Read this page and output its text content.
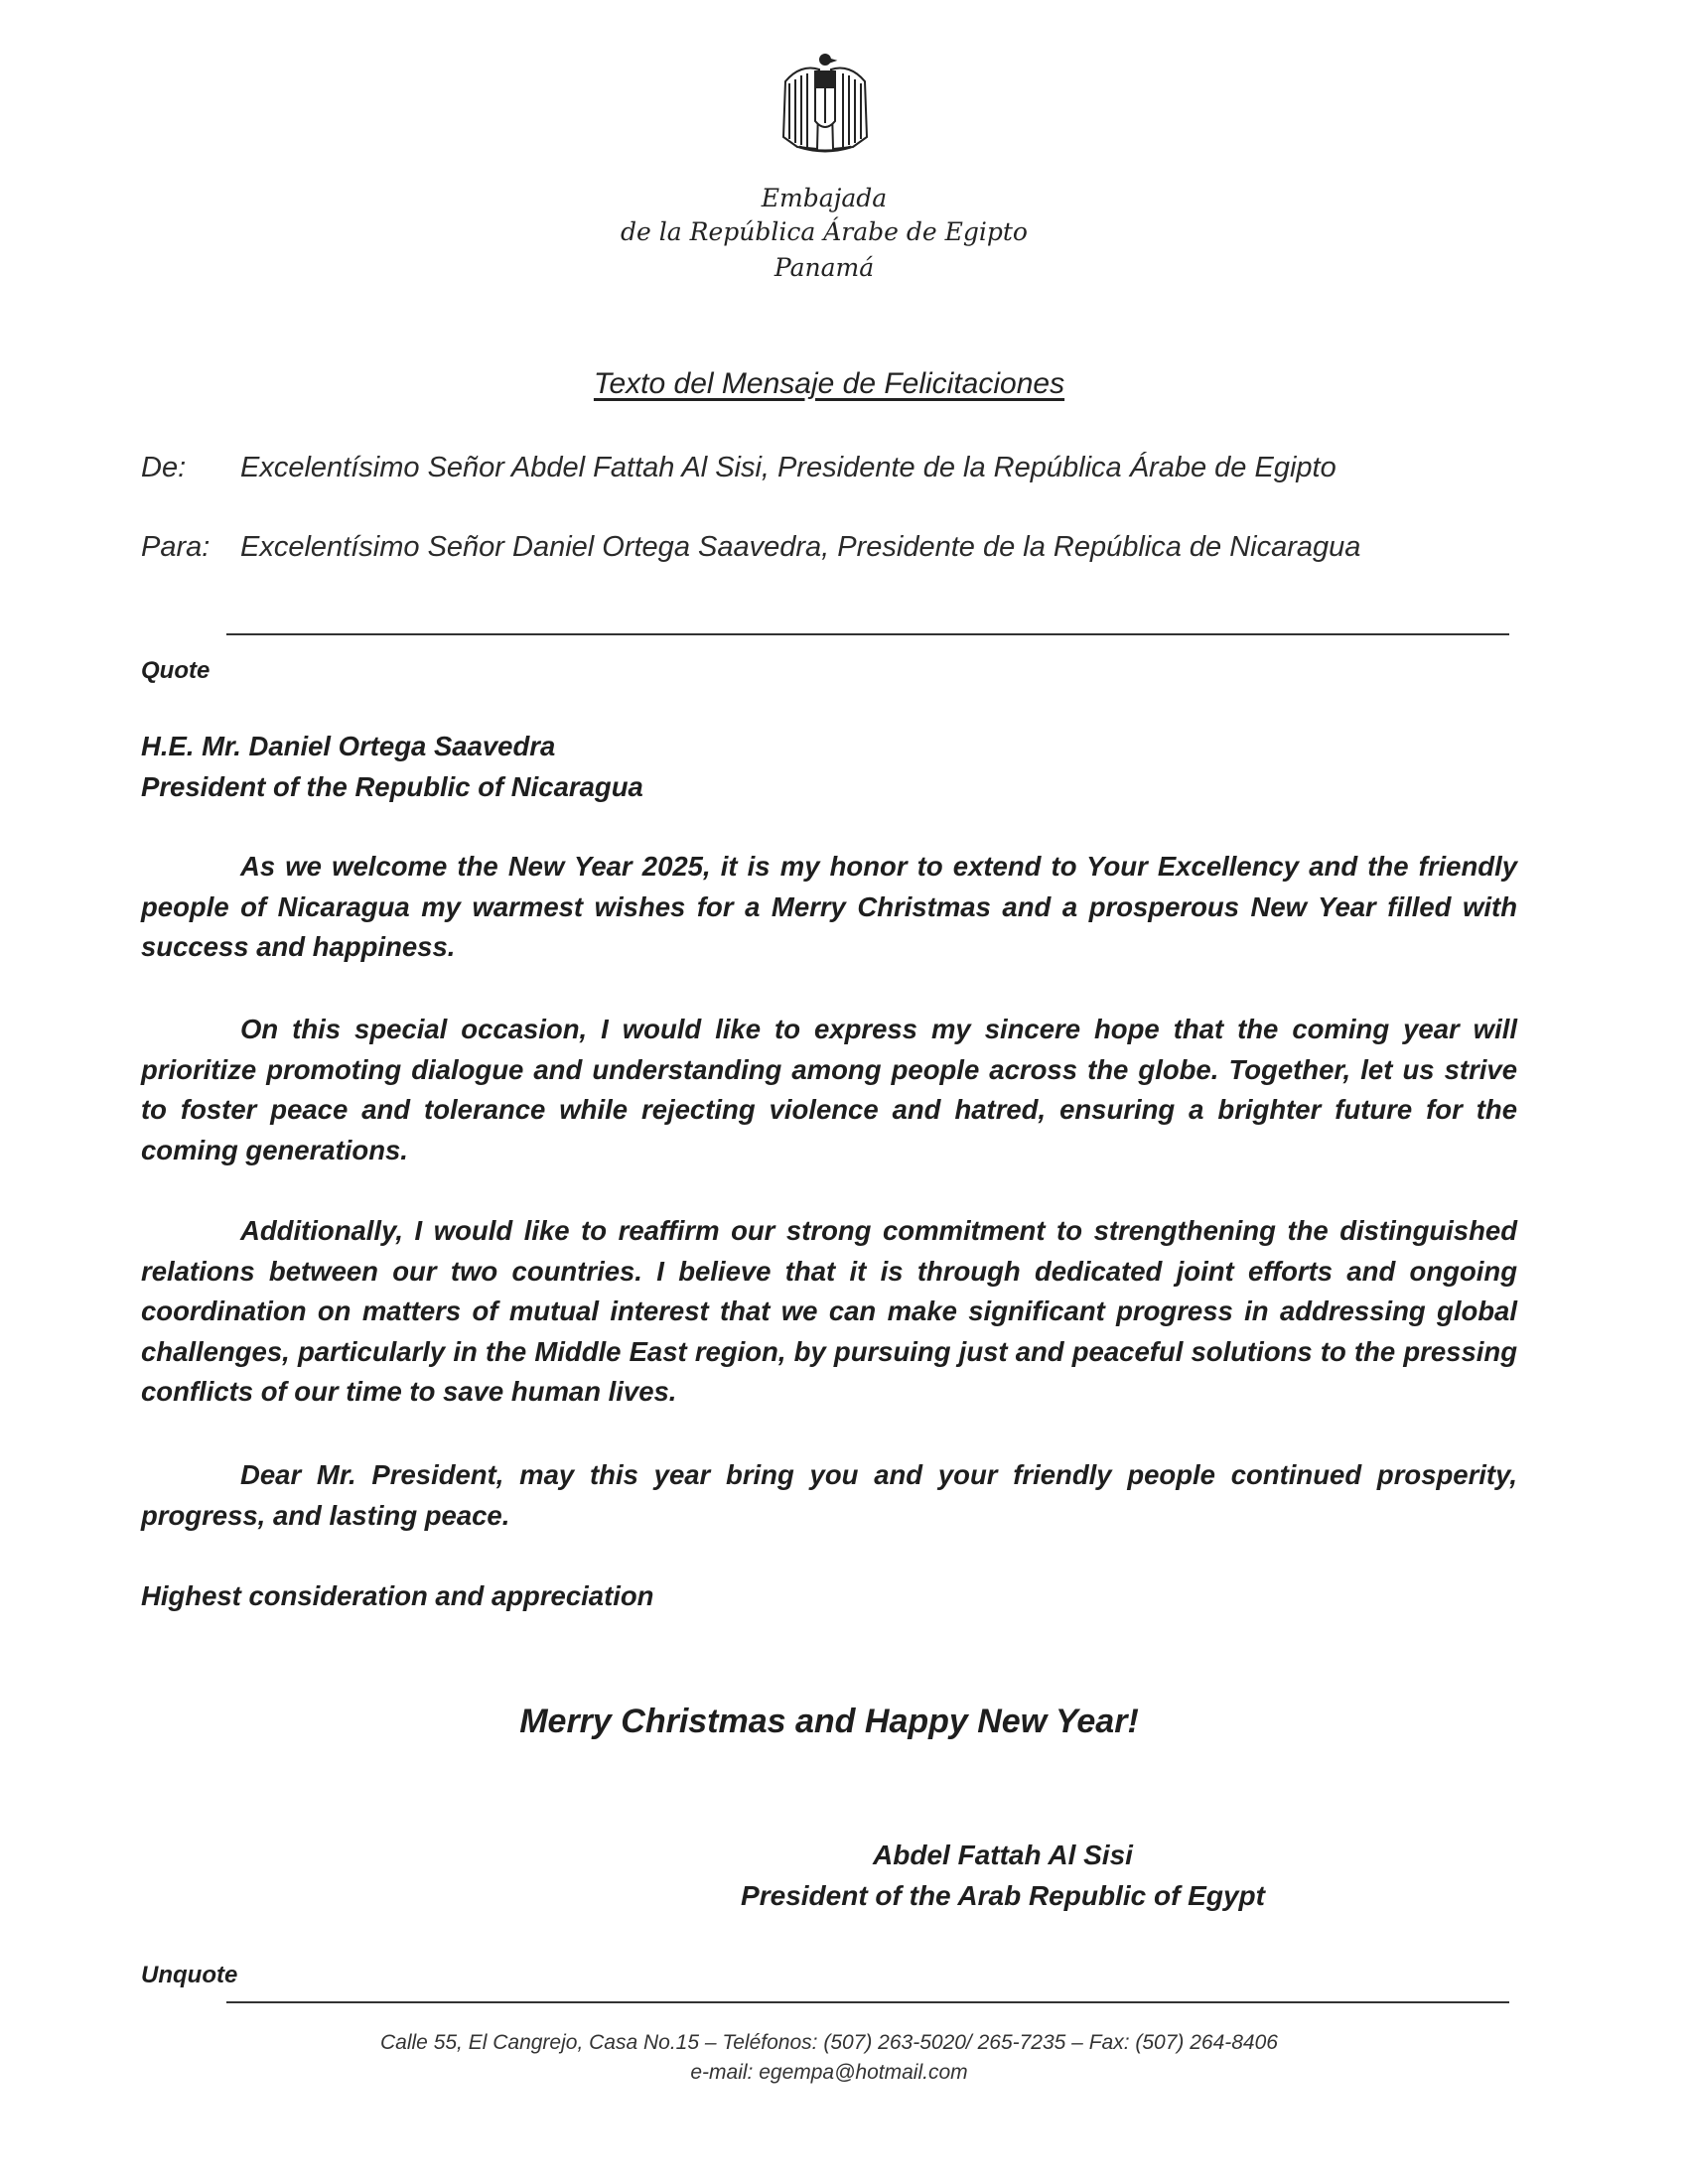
Embajada
de la República Árabe de Egipto
Panamá
Texto del Mensaje de Felicitaciones
De: Excelentísimo Señor Abdel Fattah Al Sisi, Presidente de la República Árabe de Egipto
Para: Excelentísimo Señor Daniel Ortega Saavedra, Presidente de la República de Nicaragua
Quote
H.E. Mr. Daniel Ortega Saavedra
President of the Republic of Nicaragua
As we welcome the New Year 2025, it is my honor to extend to Your Excellency and the friendly people of Nicaragua my warmest wishes for a Merry Christmas and a prosperous New Year filled with success and happiness.
On this special occasion, I would like to express my sincere hope that the coming year will prioritize promoting dialogue and understanding among people across the globe. Together, let us strive to foster peace and tolerance while rejecting violence and hatred, ensuring a brighter future for the coming generations.
Additionally, I would like to reaffirm our strong commitment to strengthening the distinguished relations between our two countries. I believe that it is through dedicated joint efforts and ongoing coordination on matters of mutual interest that we can make significant progress in addressing global challenges, particularly in the Middle East region, by pursuing just and peaceful solutions to the pressing conflicts of our time to save human lives.
Dear Mr. President, may this year bring you and your friendly people continued prosperity, progress, and lasting peace.
Highest consideration and appreciation
Merry Christmas and Happy New Year!
Abdel Fattah Al Sisi
President of the Arab Republic of Egypt
Unquote
Calle 55, El Cangrejo, Casa No.15 – Teléfonos: (507) 263-5020/ 265-7235 – Fax: (507) 264-8406
e-mail: egempa@hotmail.com
